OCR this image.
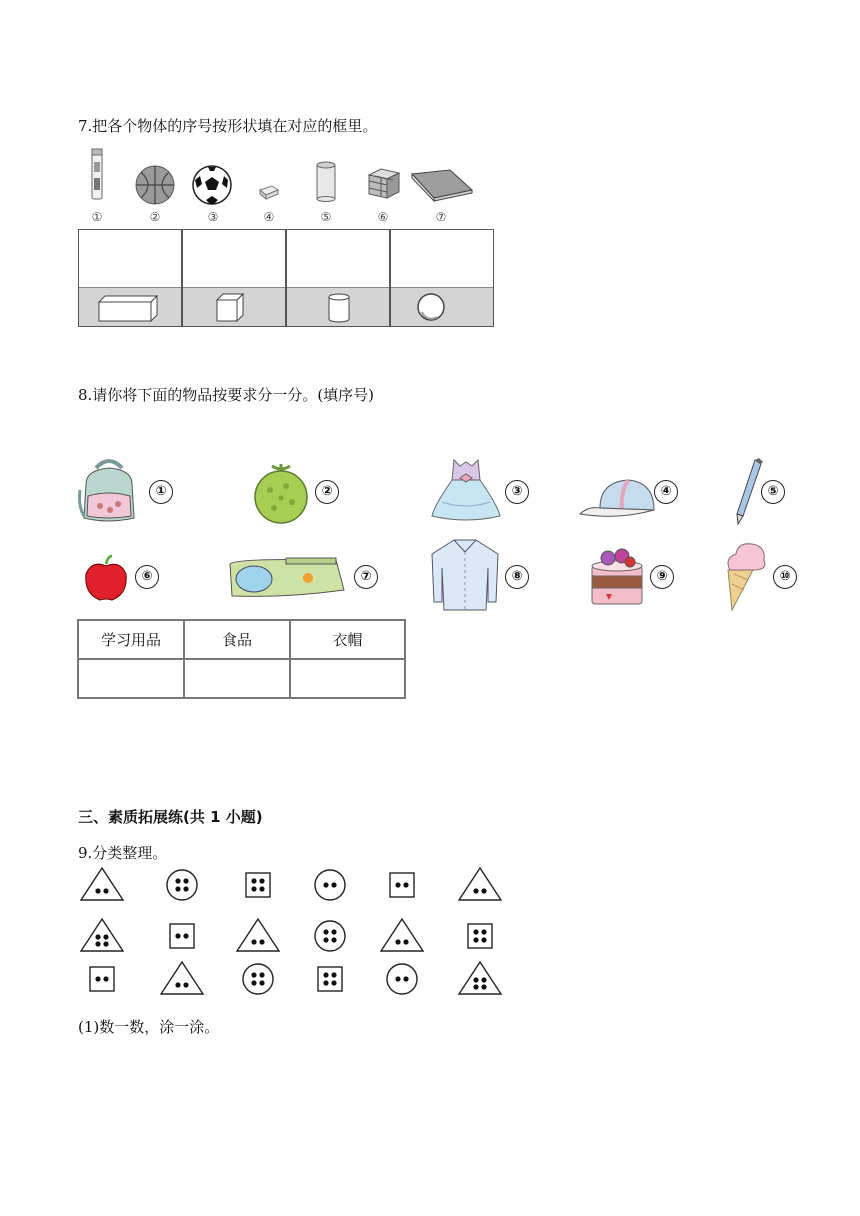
7.把各个物体的序号按形状填在对应的框里。
①	②	③	④	⑤	⑥	⑦
8.请你将下面的物品按要求分一分。(填序号)
①	②	③	④	⑤
⑥	⑦	⑧	⑨	⑩
学习用品	食品	衣帽

三、素质拓展练(共 1 小题)
9.分类整理。
(1)数一数，涂一涂。
